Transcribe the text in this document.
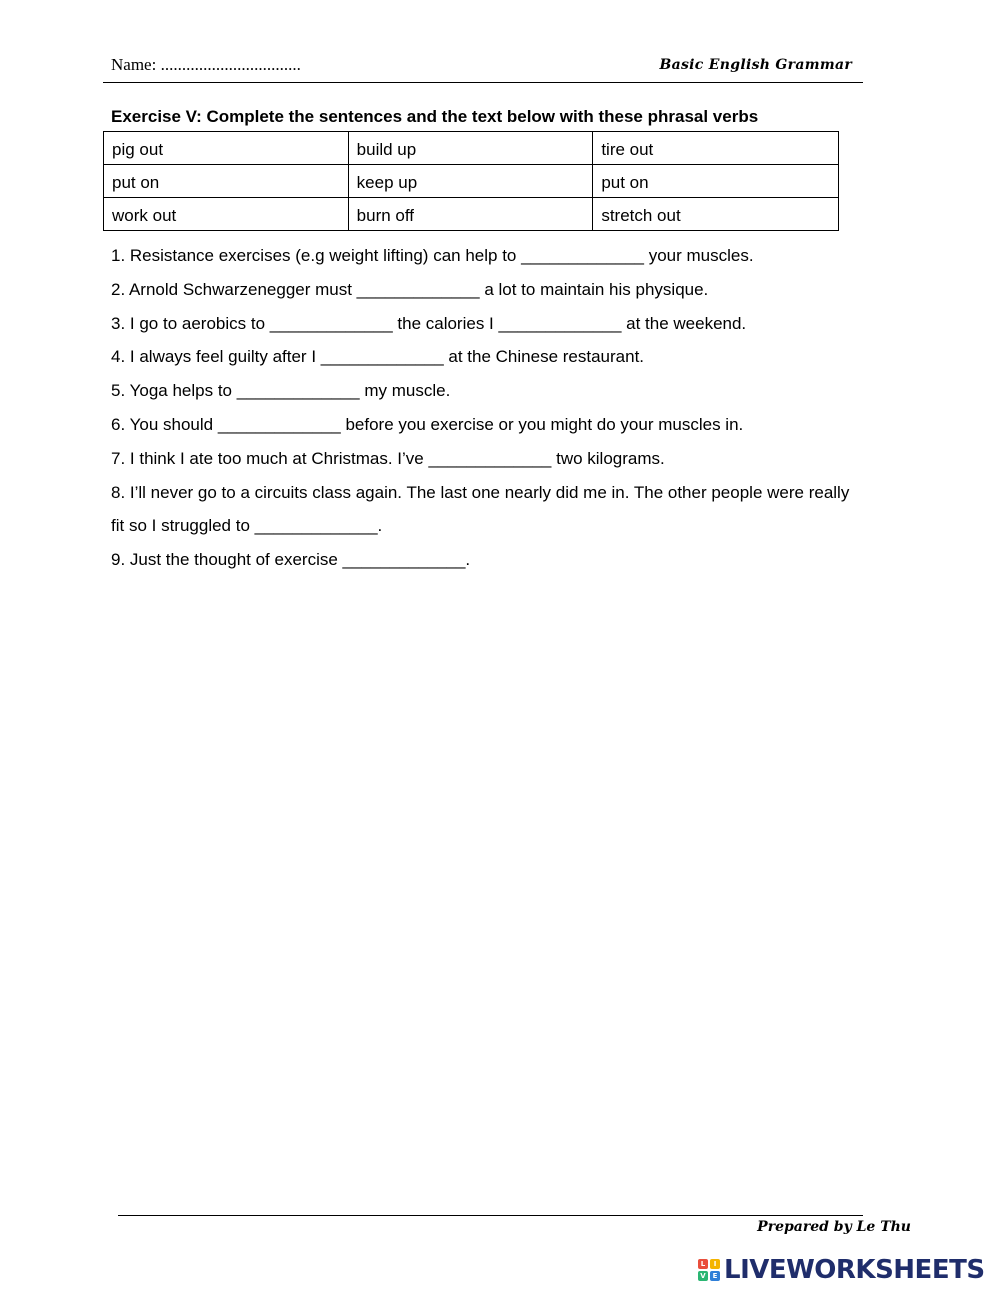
Name: .................................	Basic English Grammar
Exercise V: Complete the sentences and the text below with these phrasal verbs
pig out	build up	tire out
put on	keep up	put on
work out	burn off	stretch out
1. Resistance exercises (e.g weight lifting) can help to _____________ your muscles.
2. Arnold Schwarzenegger must _____________ a lot to maintain his physique.
3. I go to aerobics to _____________ the calories I _____________ at the weekend.
4. I always feel guilty after I _____________ at the Chinese restaurant.
5. Yoga helps to _____________ my muscle.
6. You should _____________ before you exercise or you might do your muscles in.
7. I think I ate too much at Christmas. I’ve _____________ two kilograms.
8. I’ll never go to a circuits class again. The last one nearly did me in. The other people were really
fit so I struggled to _____________.
9. Just the thought of exercise _____________.
Prepared by Le Thu
L	I
V E LIVEWORKSHEETS
